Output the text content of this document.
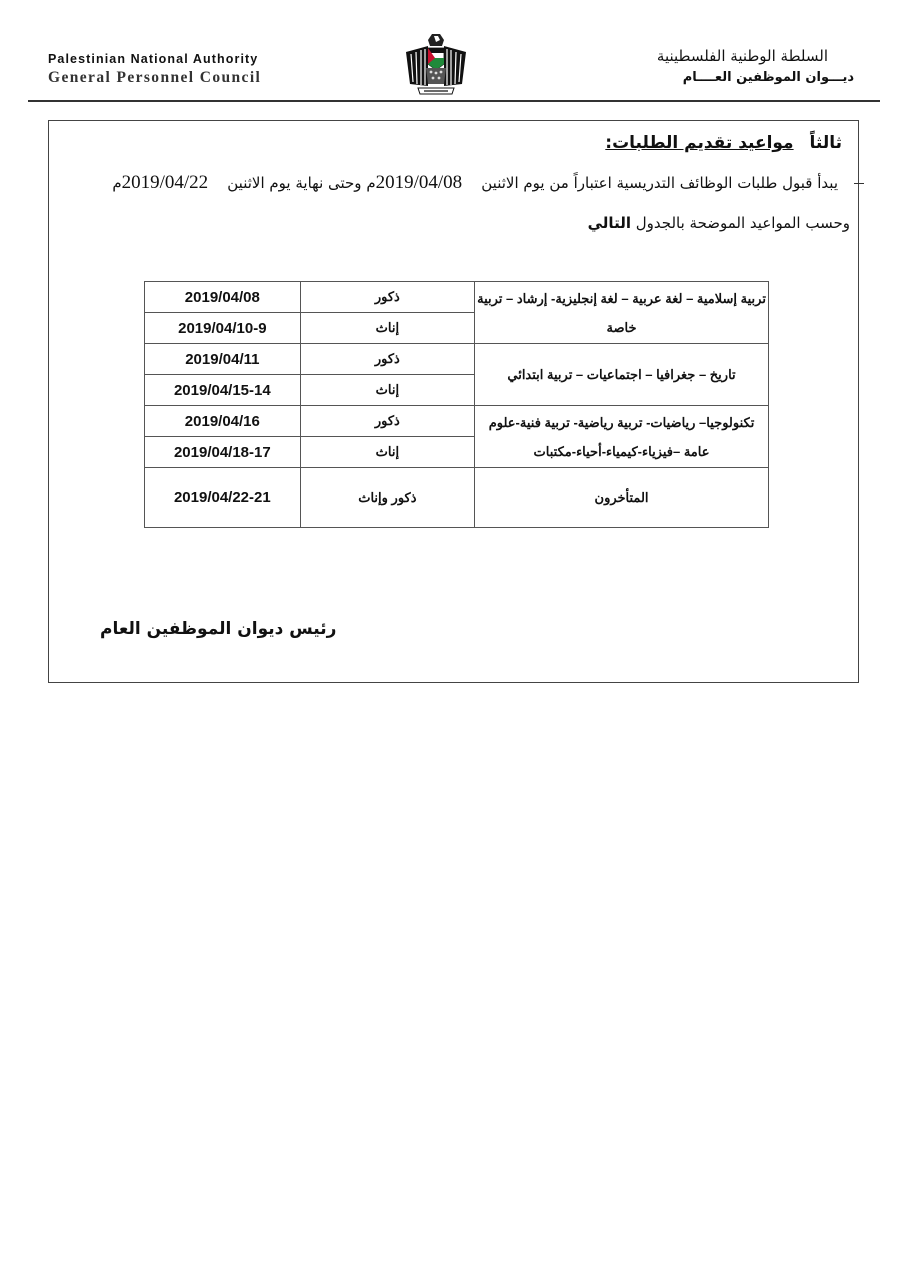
Palestinian National Authority
General Personnel Council
السلطة الوطنية الفلسطينية
ديـــوان الموظفين العــــام
ثالثاً مواعيد تقديم الطلبات:
يبدأ قبول طلبات الوظائف التدريسية اعتباراً من يوم الاثنين    2019/04/08م وحتى نهاية يوم الاثنين    2019/04/22م
وحسب المواعيد الموضحة بالجدول التالي
تربية إسلامية – لغة عربية – لغة إنجليزية- إرشاد – تربية خاصة	ذكور	2019/04/08
	إناث	2019/04/10-9
تاريخ – جغرافيا – اجتماعيات – تربية ابتدائي	ذكور	2019/04/11
	إناث	2019/04/15-14
تكنولوجيا– رياضيات- تربية رياضية- تربية فنية-علوم عامة –فيزياء-كيمياء-أحياء-مكتبات	ذكور	2019/04/16
	إناث	2019/04/18-17
المتأخرون	ذكور وإناث	2019/04/22-21
رئيس ديوان الموظفين العام
